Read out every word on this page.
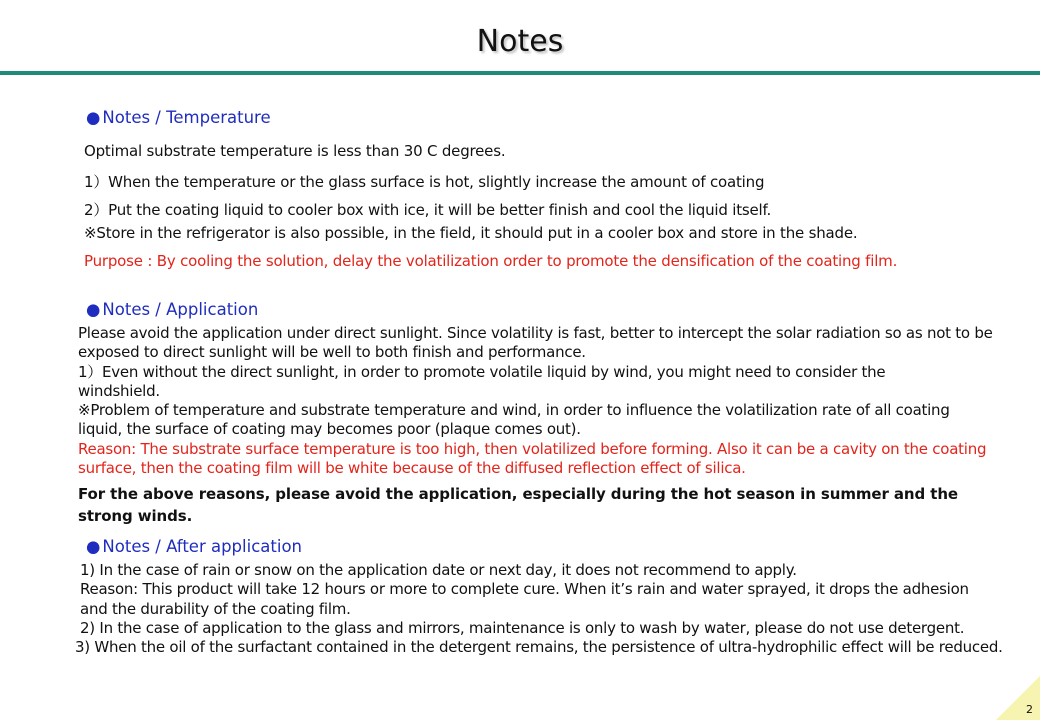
Notes
● Notes / Temperature
Optimal substrate temperature is less than 30 C degrees.
1）When the temperature or the glass surface is hot, slightly increase the amount of coating
2）Put the coating liquid to cooler box with ice, it will be better finish and cool the liquid itself.
※Store in the refrigerator is also possible, in the field, it should put in a cooler box and store in the shade.
Purpose : By cooling the solution, delay the volatilization order to promote the densification of the coating film.
● Notes / Application

Please avoid the application under direct sunlight. Since volatility is fast, better to intercept the solar radiation so as not to be exposed to direct sunlight will be well to both finish and performance.

1）Even without the direct sunlight, in order to promote volatile liquid by wind, you might need to consider the windshield.

※Problem of temperature and substrate temperature and wind, in order to influence the volatilization rate of all coating liquid, the surface of coating may becomes poor (plaque comes out).

Reason: The substrate surface temperature is too high, then volatilized before forming. Also it can be a cavity on the coating surface, then the coating film will be white because of the diffused reflection effect of silica.

For the above reasons, please avoid the application, especially during the hot season in summer and the strong winds.
● Notes / After application

1) In the case of rain or snow on the application date or next day, it does not recommend to apply.

Reason: This product will take 12 hours or more to complete cure. When it’s rain and water sprayed, it drops the adhesion and the durability of the coating film.

2) In the case of application to the glass and mirrors, maintenance is only to wash by water, please do not use detergent.

3) When the oil of the surfactant contained in the detergent remains, the persistence of ultra-hydrophilic effect will be reduced.

2
